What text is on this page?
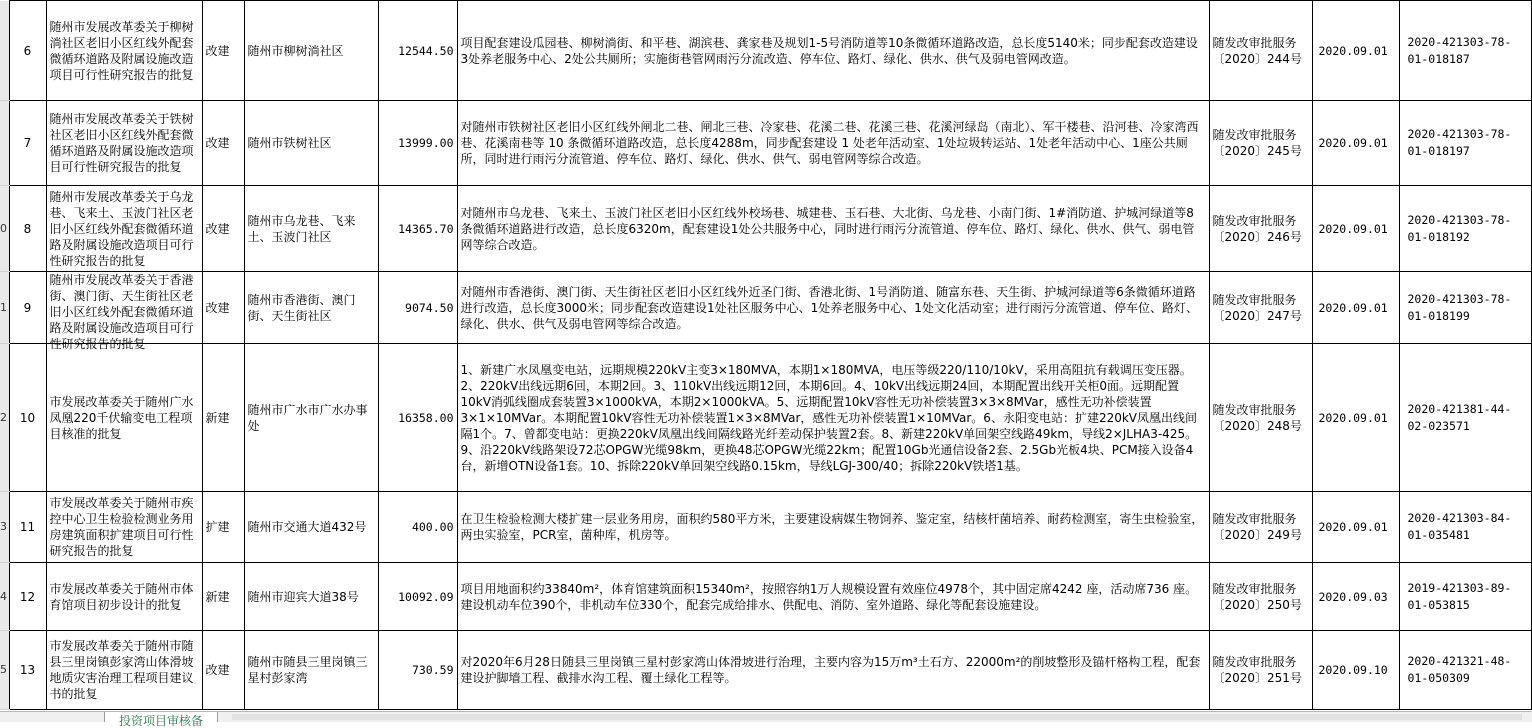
	6	随州市发展改革委关于柳树淌社区老旧小区红线外配套微循环道路及附属设施改造项目可行性研究报告的批复	改建	随州市柳树淌社区	12544.50	项目配套建设瓜园巷、柳树淌街、和平巷、湖滨巷、龚家巷及规划1-5号消防道等10条微循环道路改造，总长度5140米；同步配套改造建设3处养老服务中心、2处公共厕所；实施街巷管网雨污分流改造、停车位、路灯、绿化、供水、供气及弱电管网改造。	随发改审批服务〔2020〕244号	2020.09.01	2020-421303-78-01-018187

	7	随州市发展改革委关于铁树社区老旧小区红线外配套微循环道路及附属设施改造项目可行性研究报告的批复	改建	随州市铁树社区	13999.00	对随州市铁树社区老旧小区红线外闸北二巷、闸北三巷、冷家巷、花溪二巷、花溪三巷、花溪河绿岛（南北）、军干楼巷、沿河巷、冷家湾西巷、花溪南巷等 10 条微循环道路改造，总长度4288m，同步配套建设 1 处老年活动室、1处垃圾转运站、1处老年活动中心、1座公共厕所，同时进行雨污分流管道、停车位、路灯、绿化、供水、供气、弱电管网等综合改造。	随发改审批服务〔2020〕245号	2020.09.01	2020-421303-78-01-018197

0	8	随州市发展改革委关于乌龙巷、飞来土、玉波门社区老旧小区红线外配套微循环道路及附属设施改造项目可行性研究报告的批复	改建	随州市乌龙巷、飞来土、玉波门社区	14365.70	对随州市乌龙巷、飞来土、玉波门社区老旧小区红线外校场巷、城建巷、玉石巷、大北街、乌龙巷、小南门街、1#消防道、护城河绿道等8条微循环道路进行改造，总长度6320m，配套建设1处公共服务中心，同时进行雨污分流管道、停车位、路灯、绿化、供水、供气、弱电管网等综合改造。	随发改审批服务〔2020〕246号	2020.09.01	2020-421303-78-01-018192

1	9	随州市发展改革委关于香港街、澳门街、天生街社区老旧小区红线外配套微循环道路及附属设施改造项目可行性研究报告的批复	改建	随州市香港街、澳门街、天生街社区	9074.50	对随州市香港街、澳门街、天生街社区老旧小区红线外近圣门街、香港北街、1号消防道、随富东巷、天生街、护城河绿道等6条微循环道路进行改造，总长度3000米；同步配套改造建设1处社区服务中心、1处养老服务中心、1处文化活动室；进行雨污分流管道、停车位、路灯、绿化、供水、供气及弱电管网等综合改造。	随发改审批服务〔2020〕247号	2020.09.01	2020-421303-78-01-018199

2	10	市发展改革委关于随州广水凤凰220千伏输变电工程项目核准的批复	新建	随州市广水市广水办事处	16358.00	1、新建广水凤凰变电站，远期规模220kV主变3×180MVA，本期1×180MVA，电压等级220/110/10kV，采用高阻抗有载调压变压器。2、220kV出线远期6回，本期2回。3、110kV出线远期12回，本期6回。4、10kV出线远期24回，本期配置出线开关柜0面。远期配置10kV消弧线圈成套装置3×1000kVA，本期2×1000kVA。5、远期配置10kV容性无功补偿装置3×3×8MVar，感性无功补偿装置3×1×10MVar。本期配置10kV容性无功补偿装置1×3×8MVar，感性无功补偿装置1×10MVar。6、永阳变电站：扩建220kV凤凰出线间隔1个。7、曾都变电站：更换220kV凤凰出线间隔线路光纤差动保护装置2套。8、新建220kV单回架空线路49km，导线2×JLHA3-425。9、沿220kV线路架设72芯OPGW光缆98km，更换48芯OPGW光缆22km；配置10Gb光通信设备2套、2.5Gb光板4块、PCM接入设备4台，新增OTN设备1套。10、拆除220kV单回架空线路0.15km，导线LGJ-300/40；拆除220kV铁塔1基。	随发改审批服务〔2020〕248号	2020.09.01	2020-421381-44-02-023571

3	11	市发展改革委关于随州市疾控中心卫生检验检测业务用房建筑面积扩建项目可行性研究报告的批复	扩建	随州市交通大道432号	400.00	在卫生检验检测大楼扩建一层业务用房，面积约580平方米，主要建设病媒生物饲养、鉴定室，结核杆菌培养、耐药检测室，寄生虫检验室，两虫实验室，PCR室，菌种库，机房等。	随发改审批服务〔2020〕249号	2020.09.01	2020-421303-84-01-035481

4	12	市发展改革委关于随州市体育馆项目初步设计的批复	新建	随州市迎宾大道38号	10092.09	项目用地面积约33840m²，体育馆建筑面积15340m²，按照容纳1万人规模设置有效座位4978个，其中固定席4242 座，活动席736 座。建设机动车位390个，非机动车位330个，配套完成给排水、供配电、消防、室外道路、绿化等配套设施建设。	随发改审批服务〔2020〕250号	2020.09.03	2019-421303-89-01-053815

5	13	市发展改革委关于随州市随县三里岗镇彭家湾山体滑坡地质灾害治理工程项目建议书的批复	改建	随州市随县三里岗镇三星村彭家湾	730.59	对2020年6月28日随县三里岗镇三星村彭家湾山体滑坡进行治理，主要内容为15万m³土石方、22000m²的削坡整形及锚杆格构工程，配套建设护脚墙工程、截排水沟工程、覆土绿化工程等。	随发改审批服务〔2020〕251号	2020.09.10	2020-421321-48-01-050309
投资项目审核备
